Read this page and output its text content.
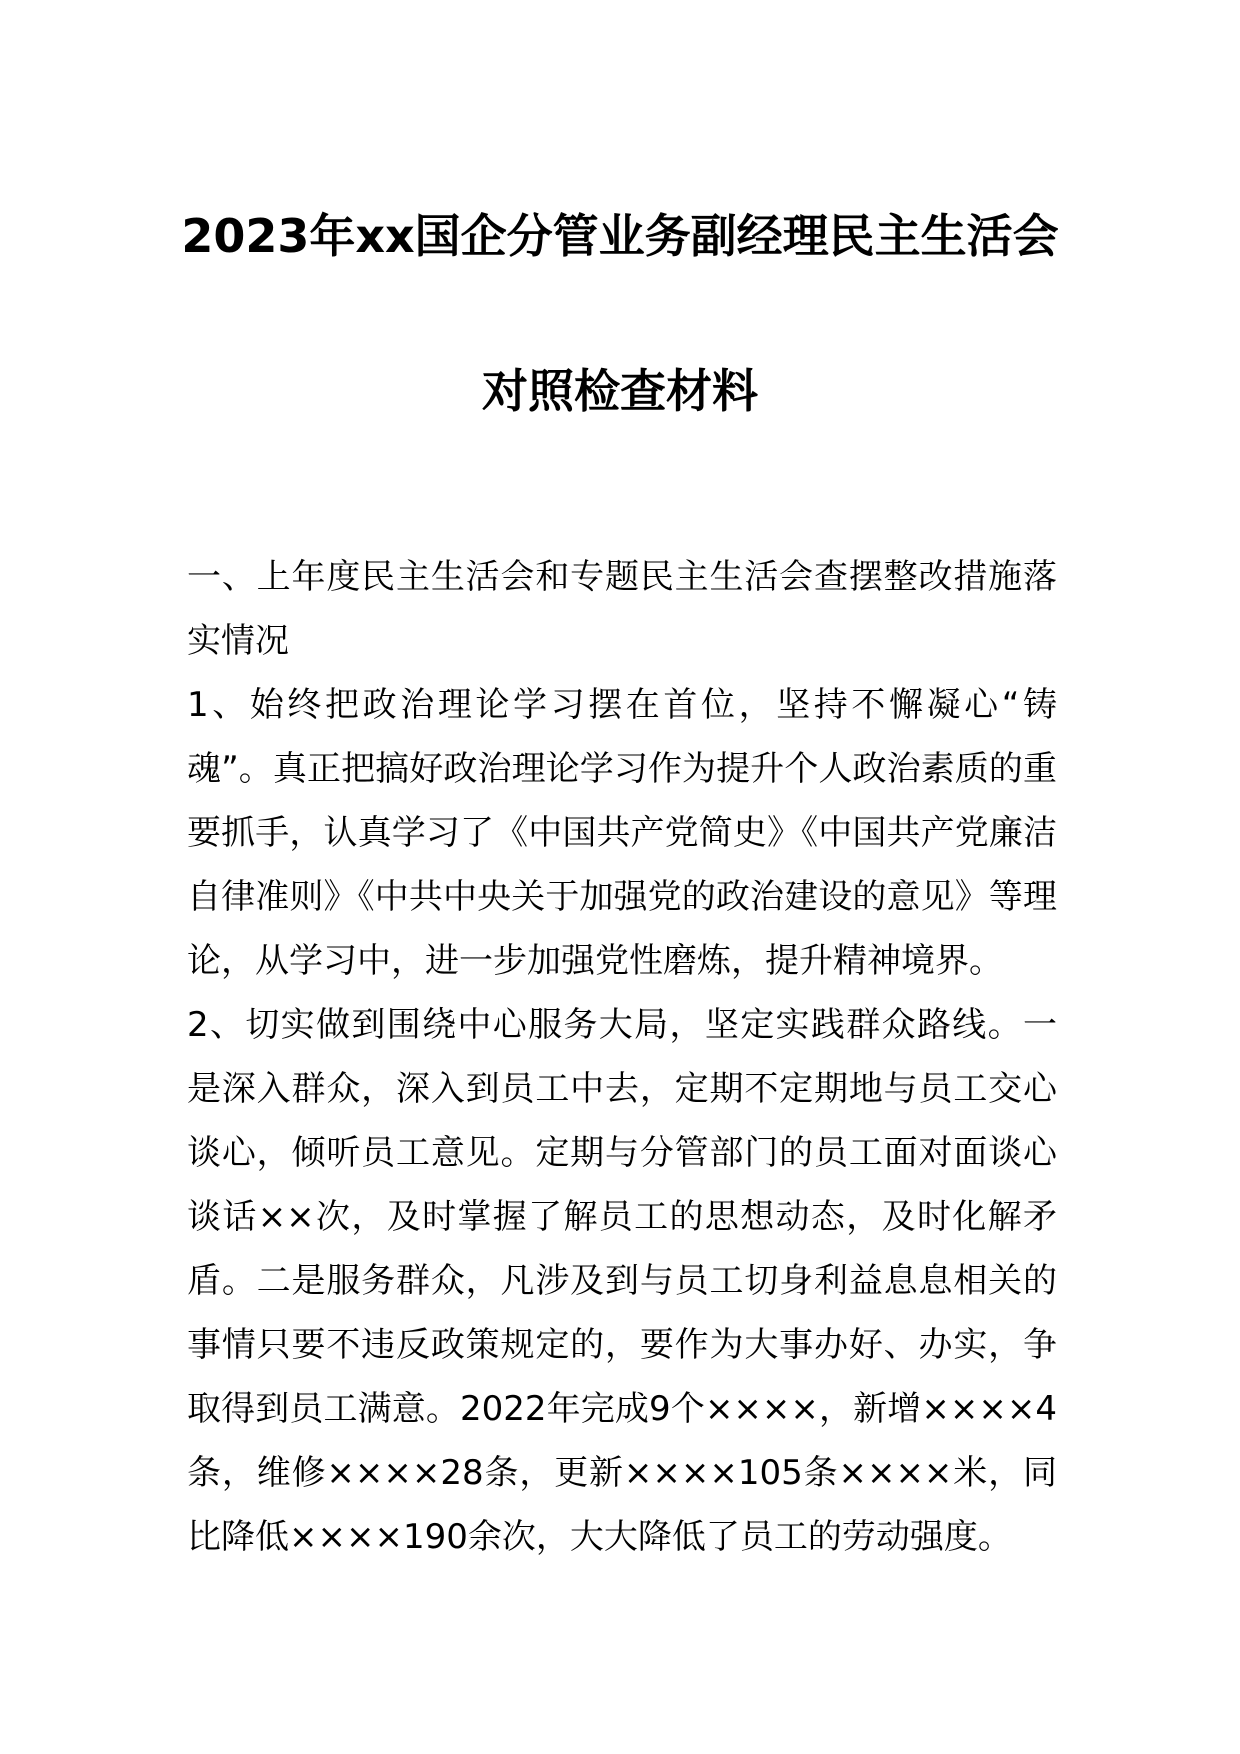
2023年xx国企分管业务副经理民主生活会
对照检查材料

一、上年度民主生活会和专题民主生活会查摆整改措施落实情况

1、始终把政治理论学习摆在首位，坚持不懈凝心“铸魂”。真正把搞好政治理论学习作为提升个人政治素质的重要抓手，认真学习了《中国共产党简史》《中国共产党廉洁自律准则》《中共中央关于加强党的政治建设的意见》等理论，从学习中，进一步加强党性磨炼，提升精神境界。

2、切实做到围绕中心服务大局，坚定实践群众路线。一是深入群众，深入到员工中去，定期不定期地与员工交心谈心，倾听员工意见。定期与分管部门的员工面对面谈心谈话××次，及时掌握了解员工的思想动态，及时化解矛盾。二是服务群众，凡涉及到与员工切身利益息息相关的事情只要不违反政策规定的，要作为大事办好、办实，争取得到员工满意。2022年完成9个××××，新增××××4条，维修××××28条，更新××××105条××××米，同比降低××××190余次，大大降低了员工的劳动强度。
